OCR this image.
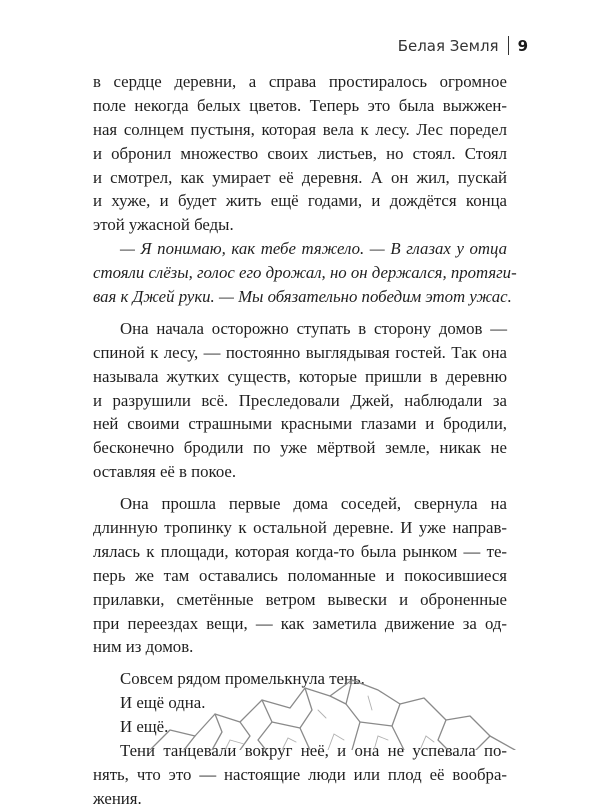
Белая Земля 9
в сердце деревни, а справа простиралось огромное
поле некогда белых цветов. Теперь это была выжжен-
ная солнцем пустыня, которая вела к лесу. Лес поредел
и обронил множество своих листьев, но стоял. Стоял
и смотрел, как умирает её деревня. А он жил, пускай
и хуже, и будет жить ещё годами, и дождётся конца
этой ужасной беды.
— Я понимаю, как тебе тяжело. — В глазах у отца
стояли слёзы, голос его дрожал, но он держался, протяги-
вая к Джей руки. — Мы обязательно победим этот ужас.
Она начала осторожно ступать в сторону домов —
спиной к лесу, — постоянно выглядывая гостей. Так она
называла жутких существ, которые пришли в деревню
и разрушили всё. Преследовали Джей, наблюдали за
ней своими страшными красными глазами и бродили,
бесконечно бродили по уже мёртвой земле, никак не
оставляя её в покое.
Она прошла первые дома соседей, свернула на
длинную тропинку к остальной деревне. И уже направ-
лялась к площади, которая когда-то была рынком — те-
перь же там оставались поломанные и покосившиеся
прилавки, сметённые ветром вывески и оброненные
при переездах вещи, — как заметила движение за од-
ним из домов.
Совсем рядом промелькнула тень.
И ещё одна.
И ещё.
Тени танцевали вокруг неё, и она не успевала по-
нять, что это — настоящие люди или плод её вообра-
жения.
